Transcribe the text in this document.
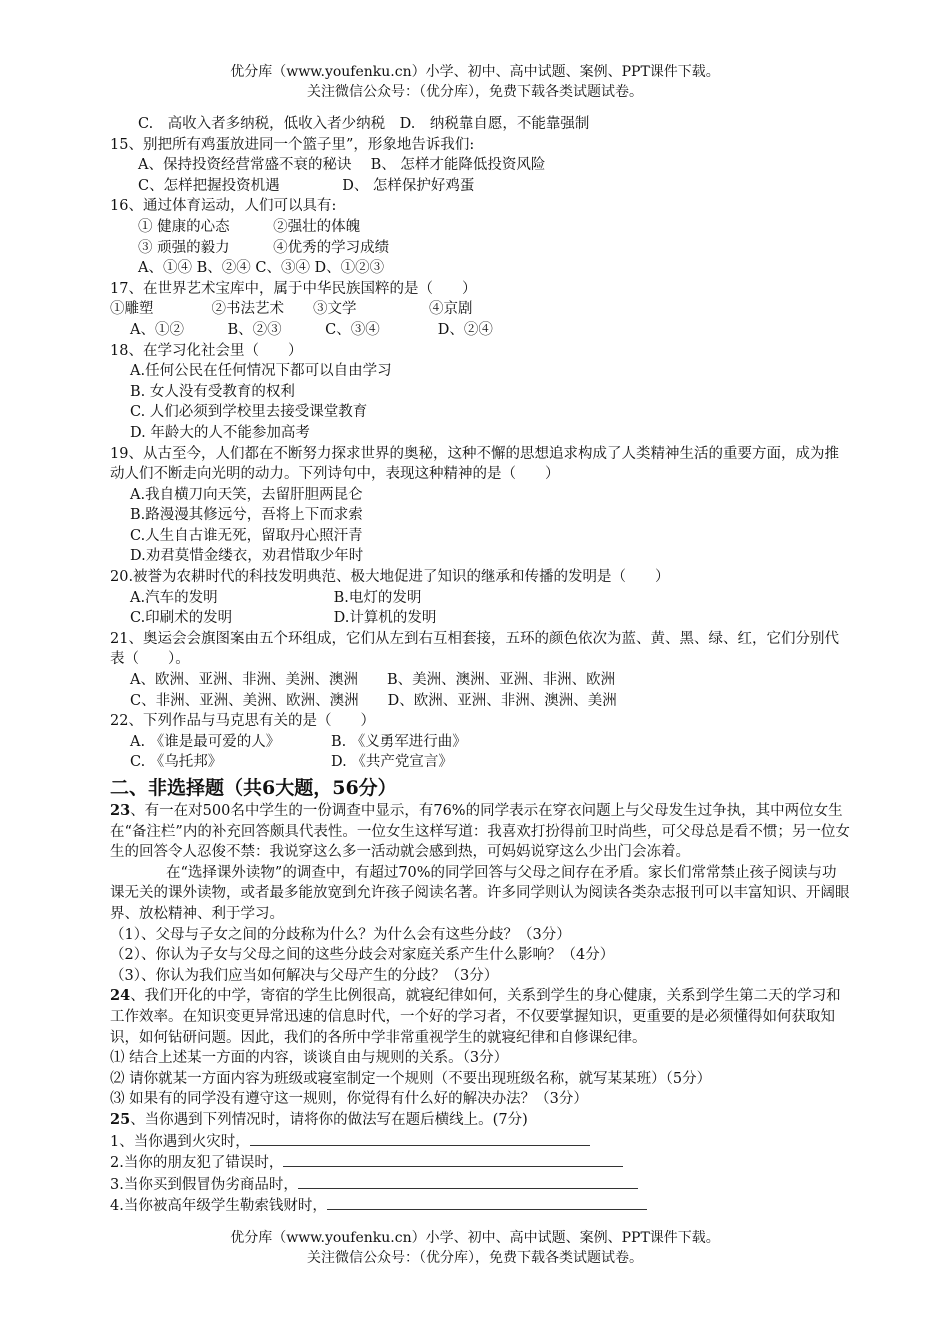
优分库（www.youfenku.cn）小学、初中、高中试题、案例、PPT课件下载。
关注微信公众号：（优分库），免费下载各类试题试卷。
C.　高收入者多纳税，低收入者少纳税　D.　纳税靠自愿，不能靠强制
15、别把所有鸡蛋放进同一个篮子里”，形象地告诉我们:
A、保持投资经营常盛不衰的秘诀　 B、 怎样才能降低投资风险
C、怎样把握投资机遇　　　　 D、 怎样保护好鸡蛋
16、通过体育运动，人们可以具有:
① 健康的心态　　　②强壮的体魄
③ 顽强的毅力　　　④优秀的学习成绩
A、①④ B、②④ C、③④ D、①②③
17、在世界艺术宝库中，属于中华民族国粹的是（　　）
①雕塑　　　　②书法艺术　　③文学　　　　　④京剧
A、①②　　　B、②③　　　C、③④　　　　D、②④
18、在学习化社会里（　　）
A.任何公民在任何情况下都可以自由学习
B. 女人没有受教育的权利
C. 人们必须到学校里去接受课堂教育
D. 年龄大的人不能参加高考
19、从古至今，人们都在不断努力探求世界的奥秘，这种不懈的思想追求构成了人类精神生活的重要方面，成为推动人们不断走向光明的动力。下列诗句中，表现这种精神的是（　　）
A.我自横刀向天笑，去留肝胆两昆仑
B.路漫漫其修远兮，吾将上下而求索
C.人生自古谁无死，留取丹心照汗青
D.劝君莫惜金缕衣，劝君惜取少年时
20.被誉为农耕时代的科技发明典范、极大地促进了知识的继承和传播的发明是（　　）
A.汽车的发明　　　　　　　　B.电灯的发明
C.印刷术的发明　　　　　　　D.计算机的发明
21、奥运会会旗图案由五个环组成，它们从左到右互相套接，五环的颜色依次为蓝、黄、黑、绿、红，它们分别代表（　　）。
A、欧洲、亚洲、非洲、美洲、澳洲　　B、美洲、澳洲、亚洲、非洲、欧洲
C、非洲、亚洲、美洲、欧洲、澳洲　　D、欧洲、亚洲、非洲、澳洲、美洲
22、下列作品与马克思有关的是（　　）
A. 《谁是最可爱的人》　　　　B. 《义勇军进行曲》
C. 《乌托邦》　　　　　　　　D. 《共产党宣言》
二、非选择题（共6大题，56分）
23、有一在对500名中学生的一份调查中显示，有76%的同学表示在穿衣问题上与父母发生过争执，其中两位女生在“备注栏”内的补充回答颇具代表性。一位女生这样写道：我喜欢打扮得前卫时尚些，可父母总是看不惯；另一位女生的回答令人忍俊不禁：我说穿这么多一活动就会感到热，可妈妈说穿这么少出门会冻着。
在“选择课外读物”的调查中，有超过70%的同学回答与父母之间存在矛盾。家长们常常禁止孩子阅读与功课无关的课外读物，或者最多能放宽到允许孩子阅读名著。许多同学则认为阅读各类杂志报刊可以丰富知识、开阔眼界、放松精神、利于学习。
（1）、父母与子女之间的分歧称为什么？为什么会有这些分歧？（3分）
（2）、你认为子女与父母之间的这些分歧会对家庭关系产生什么影响？（4分）
（3）、你认为我们应当如何解决与父母产生的分歧？（3分）
24、我们开化的中学，寄宿的学生比例很高，就寝纪律如何，关系到学生的身心健康，关系到学生第二天的学习和工作效率。在知识变更异常迅速的信息时代，一个好的学习者，不仅要掌握知识，更重要的是必须懂得如何获取知识，如何钻研问题。因此，我们的各所中学非常重视学生的就寝纪律和自修课纪律。
⑴ 结合上述某一方面的内容，谈谈自由与规则的关系。（3分）
⑵ 请你就某一方面内容为班级或寝室制定一个规则（不要出现班级名称，就写某某班）（5分）
⑶ 如果有的同学没有遵守这一规则，你觉得有什么好的解决办法？（3分）
25、当你遇到下列情况时，请将你的做法写在题后横线上。(7分)
1、当你遇到火灾时，
2.当你的朋友犯了错误时，
3.当你买到假冒伪劣商品时，
4.当你被高年级学生勒索钱财时，
优分库（www.youfenku.cn）小学、初中、高中试题、案例、PPT课件下载。
关注微信公众号：（优分库），免费下载各类试题试卷。
